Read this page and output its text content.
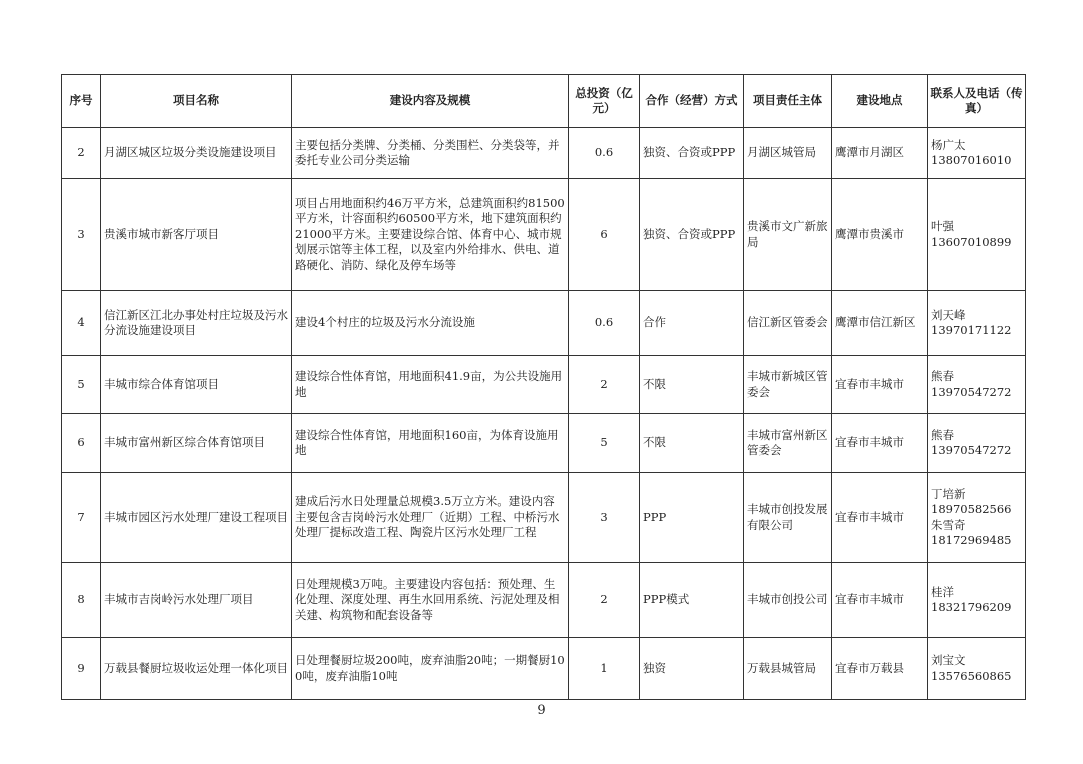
序号	项目名称	建设内容及规模	总投资（亿元）	合作（经营）方式	项目责任主体	建设地点	联系人及电话（传真）
2	月湖区城区垃圾分类设施建设项目	主要包括分类牌、分类桶、分类围栏、分类袋等，并委托专业公司分类运输	0.6	独资、合资或PPP	月湖区城管局	鹰潭市月湖区	杨广太
13807016010

3	贵溪市城市新客厅项目	项目占用地面积约46万平方米，总建筑面积约81500平方米，计容面积约60500平方米，地下建筑面积约21000平方米。主要建设综合馆、体育中心、城市规划展示馆等主体工程，以及室内外给排水、供电、道路硬化、消防、绿化及停车场等	6	独资、合资或PPP	贵溪市文广新旅局	鹰潭市贵溪市	叶强
13607010899

4	信江新区江北办事处村庄垃圾及污水分流设施建设项目	建设4个村庄的垃圾及污水分流设施	0.6	合作	信江新区管委会	鹰潭市信江新区	刘天峰
13970171122

5	丰城市综合体育馆项目	建设综合性体育馆，用地面积41.9亩，为公共设施用地	2	不限	丰城市新城区管委会	宜春市丰城市	熊春
13970547272

6	丰城市富州新区综合体育馆项目	建设综合性体育馆，用地面积160亩，为体育设施用地	5	不限	丰城市富州新区管委会	宜春市丰城市	熊春
13970547272

7	丰城市园区污水处理厂建设工程项目	建成后污水日处理量总规模3.5万立方米。建设内容主要包含吉岗岭污水处理厂（近期）工程、中桥污水处理厂提标改造工程、陶瓷片区污水处理厂工程	3	PPP	丰城市创投发展有限公司	宜春市丰城市	丁培新
18970582566
朱雪奇
18172969485

8	丰城市吉岗岭污水处理厂项目	日处理规模3万吨。主要建设内容包括：预处理、生化处理、深度处理、再生水回用系统、污泥处理及相关建、构筑物和配套设备等	2	PPP模式	丰城市创投公司	宜春市丰城市	桂洋
18321796209

9	万载县餐厨垃圾收运处理一体化项目	日处理餐厨垃圾200吨，废弃油脂20吨；一期餐厨100吨，废弃油脂10吨	1	独资	万载县城管局	宜春市万载县	刘宝文
13576560865
9
